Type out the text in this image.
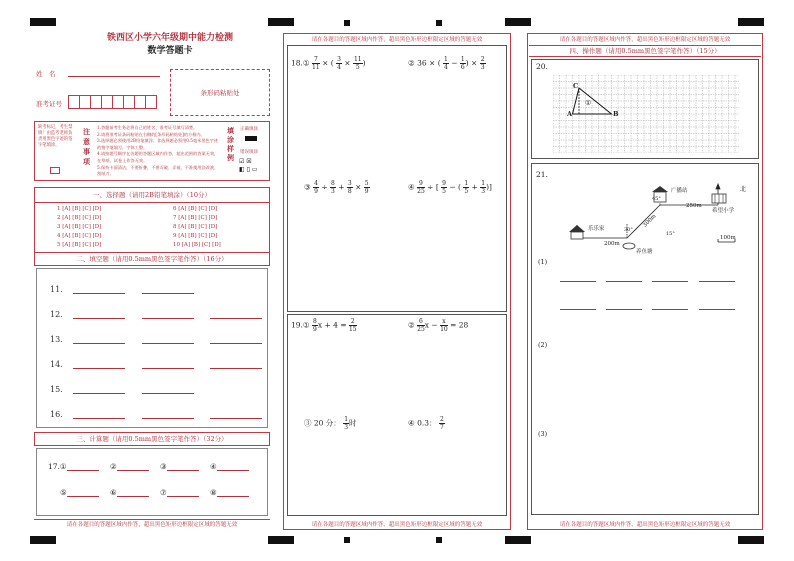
铁西区小学六年级期中能力检测
数学答题卡
姓　名
准考证号
条形码粘贴处
缺考标记，考生禁填！由监考老师负责用黑色字迹的签字笔填涂。
注意事项
1.答题前考生务必将自己的姓名、准考证号填写清楚。
2.请将准考证条码粘贴在右侧的[条形码粘贴处]的方框内。
3.选择题必须使用2B铅笔填涂；非选择题必须用0.5毫米黑色字迹的签字笔填写，字体工整。
4.请按题号顺序在各题的答题区域内作答，超出范围的答案无效，在草纸、试卷上作答无效。
5.保持卡面清洁，不要折叠，不要弄破、弄皱，不准使用涂改液、刮纸刀。
填涂样例
正确填涂
错误填涂
☑ ☒
◧ ▯ ▭
一、选择题（请用2B铅笔填涂）（10分）
1 [A] [B] [C] [D]
2 [A] [B] [C] [D]
3 [A] [B] [C] [D]
4 [A] [B] [C] [D]
5 [A] [B] [C] [D]
6 [A] [B] [C] [D]
7 [A] [B] [C] [D]
8 [A] [B] [C] [D]
9 [A] [B] [C] [D]
10 [A] [B] [C] [D]
二、填空题（请用0.5mm黑色签字笔作答）（16分）
11.
12.
13.
14.
15.
16.
三、计算题（请用0.5mm黑色签字笔作答）（32分）
17.①	②	③	④
⑤	⑥	⑦	⑧
请在各题目的答题区域内作答，超出黑色矩形边框限定区域的答题无效
请在各题目的答题区域内作答，超出黑色矩形边框限定区域的答题无效
请在各题目的答题区域内作答，超出黑色矩形边框限定区域的答题无效
18.① $\frac{7}{11}$ × ( $\frac{3}{4} \times \frac{11}{5}$ )	② 36 × ( $\frac{1}{4} - \frac{1}{6}$ ) × $\frac{2}{3}$
③ $\frac{4}{9} \div \frac{8}{3} + \frac{3}{8} \times \frac{5}{9}$	④ $\frac{9}{25}$ ÷ [ $\frac{9}{5}$ − ( $\frac{1}{5} + \frac{1}{3}$ )]
19.① $\frac{8}{9}$ $x + 4 = \frac{2}{15}$	② $\frac{6}{25}$ $x - \frac{x}{10} = 28$
③ 20 分： $\frac{1}{3}$ 时	④ 0.3： $\frac{2}{7}$
请在各题目的答题区域内作答，超出黑色矩形边框限定区域的答题无效
请在各题目的答题区域内作答，超出黑色矩形边框限定区域的答题无效
四、操作题（请用0.5mm黑色签字笔作答）（15分）
20.
C
A	B
①
21.
广播站
希望小学
乐乐家
养鱼塘
北
250m
300m
200m
45°
30°
15°
100m
(1)

(2)
(3)
